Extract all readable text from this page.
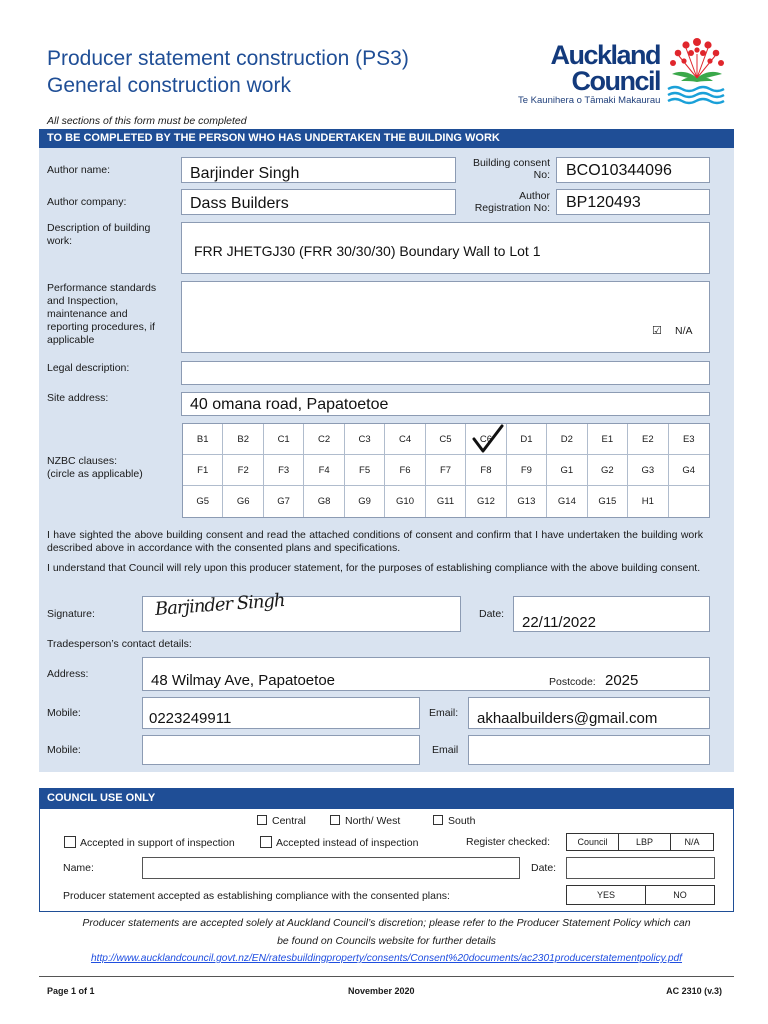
Producer statement construction (PS3)
General construction work
Auckland
Council
Te Kaunihera o Tāmaki Makaurau
All sections of this form must be completed
TO BE COMPLETED BY THE PERSON WHO HAS UNDERTAKEN THE BUILDING WORK
Author name:	Barjinder Singh
Building consent
No: BCO10344096
Author company:	Dass Builders	Author
Registration No: BP120493
Description of building
work:
FRR JHETGJ30 (FRR 30/30/30) Boundary Wall to Lot 1
Performance standards
and Inspection,
maintenance and
reporting procedures, if
applicable
☑ N/A
Legal description:
Site address:	40 omana road, Papatoetoe
NZBC clauses:
(circle as applicable)
B1	B2	C1	C2	C3	C4	C5	C6	D1	D2	E1	E2	E3
F1	F2	F3	F4	F5	F6	F7	F8	F9	G1	G2	G3	G4
G5	G6	G7	G8	G9	G10	G11	G12	G13	G14	G15	H1
I have sighted the above building consent and read the attached conditions of consent and confirm that I have undertaken the building work described above in accordance with the consented plans and specifications.
I understand that Council will rely upon this producer statement, for the purposes of establishing compliance with the above building consent.
Signature:	Barjinder Singh	Date: 22/11/2022
Tradesperson’s contact details:
Address:	48 Wilmay Ave, Papatoetoe	Postcode: 2025
Mobile:	0223249911	Email: akhaalbuilders@gmail.com
Mobile:	Email
COUNCIL USE ONLY
Central	North/ West	South
Accepted in support of inspection	Accepted instead of inspection	Register checked:	Council	LBP	N/A
Name:	Date:
Producer statement accepted as establishing compliance with the consented plans:	YES	NO
Producer statements are accepted solely at Auckland Council’s discretion; please refer to the Producer Statement Policy which can
be found on Councils website for further details
http://www.aucklandcouncil.govt.nz/EN/ratesbuildingproperty/consents/Consent%20documents/ac2301producerstatementpolicy.pdf
Page 1 of 1	November 2020	AC 2310 (v.3)
